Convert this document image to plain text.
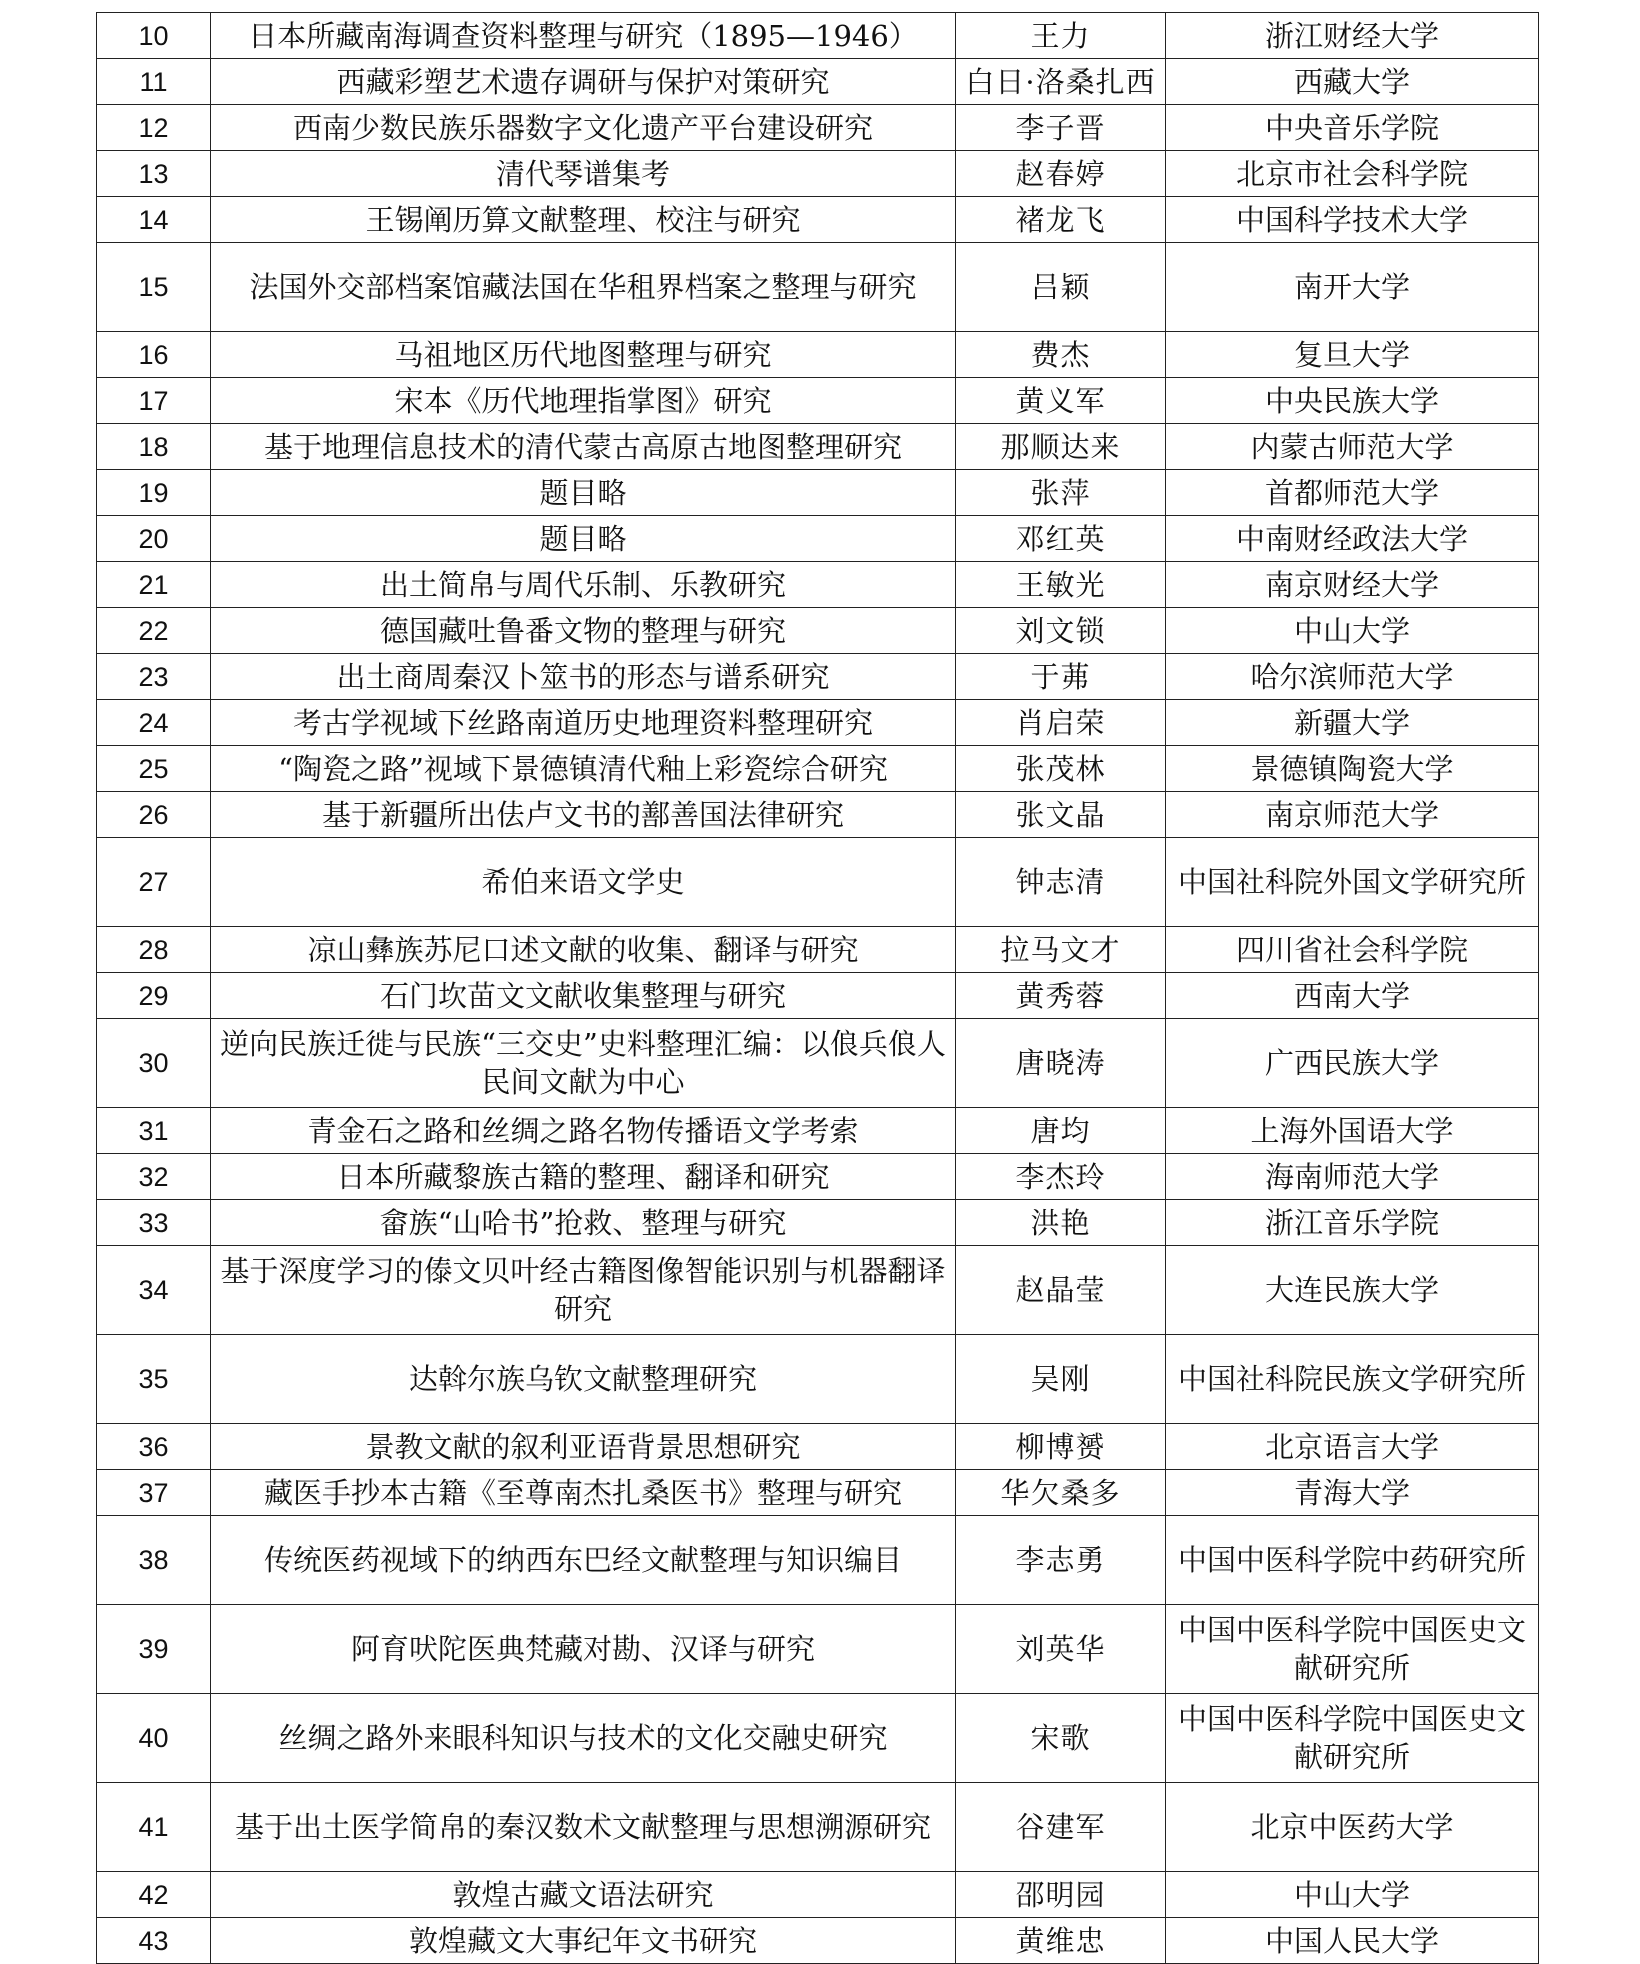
10	日本所藏南海调查资料整理与研究（1895—1946）	王力	浙江财经大学
11	西藏彩塑艺术遗存调研与保护对策研究	白日·洛桑扎西	西藏大学
12	西南少数民族乐器数字文化遗产平台建设研究	李子晋	中央音乐学院
13	清代琴谱集考	赵春婷	北京市社会科学院
14	王锡阐历算文献整理、校注与研究	褚龙飞	中国科学技术大学
15	法国外交部档案馆藏法国在华租界档案之整理与研究	吕颖	南开大学
16	马祖地区历代地图整理与研究	费杰	复旦大学
17	宋本《历代地理指掌图》研究	黄义军	中央民族大学
18	基于地理信息技术的清代蒙古高原古地图整理研究	那顺达来	内蒙古师范大学
19	题目略	张萍	首都师范大学
20	题目略	邓红英	中南财经政法大学
21	出土简帛与周代乐制、乐教研究	王敏光	南京财经大学
22	德国藏吐鲁番文物的整理与研究	刘文锁	中山大学
23	出土商周秦汉卜筮书的形态与谱系研究	于茀	哈尔滨师范大学
24	考古学视域下丝路南道历史地理资料整理研究	肖启荣	新疆大学
25	“陶瓷之路”视域下景德镇清代釉上彩瓷综合研究	张茂林	景德镇陶瓷大学
26	基于新疆所出佉卢文书的鄯善国法律研究	张文晶	南京师范大学
27	希伯来语文学史	钟志清	中国社科院外国文学研究所
28	凉山彝族苏尼口述文献的收集、翻译与研究	拉马文才	四川省社会科学院
29	石门坎苗文文献收集整理与研究	黄秀蓉	西南大学
30	逆向民族迁徙与民族“三交史”史料整理汇编：以俍兵俍人民间文献为中心	唐晓涛	广西民族大学
31	青金石之路和丝绸之路名物传播语文学考索	唐均	上海外国语大学
32	日本所藏黎族古籍的整理、翻译和研究	李杰玲	海南师范大学
33	畲族“山哈书”抢救、整理与研究	洪艳	浙江音乐学院
34	基于深度学习的傣文贝叶经古籍图像智能识别与机器翻译研究	赵晶莹	大连民族大学
35	达斡尔族乌钦文献整理研究	吴刚	中国社科院民族文学研究所
36	景教文献的叙利亚语背景思想研究	柳博赟	北京语言大学
37	藏医手抄本古籍《至尊南杰扎桑医书》整理与研究	华欠桑多	青海大学
38	传统医药视域下的纳西东巴经文献整理与知识编目	李志勇	中国中医科学院中药研究所
39	阿育吠陀医典梵藏对勘、汉译与研究	刘英华	中国中医科学院中国医史文献研究所
40	丝绸之路外来眼科知识与技术的文化交融史研究	宋歌	中国中医科学院中国医史文献研究所
41	基于出土医学简帛的秦汉数术文献整理与思想溯源研究	谷建军	北京中医药大学
42	敦煌古藏文语法研究	邵明园	中山大学
43	敦煌藏文大事纪年文书研究	黄维忠	中国人民大学
